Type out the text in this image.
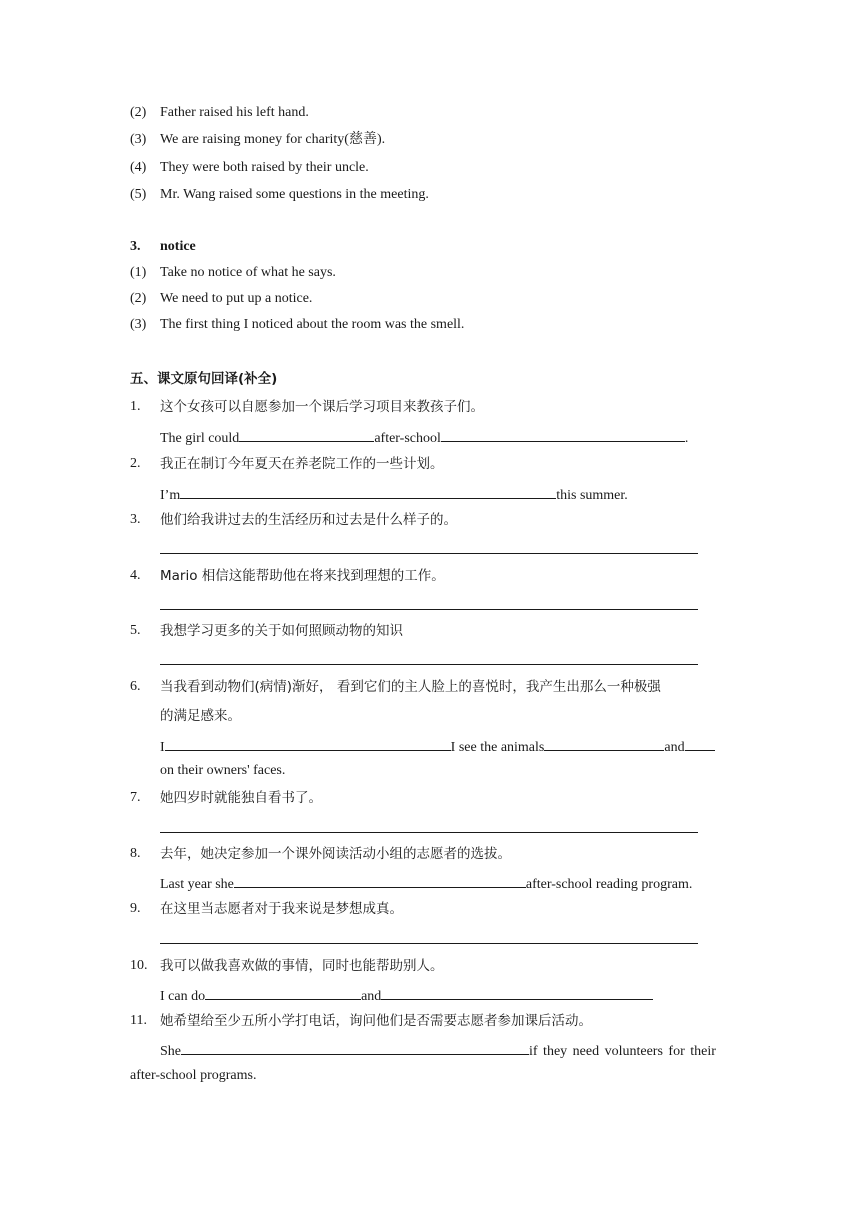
(2) Father raised his left hand.
(3) We are raising money for charity(慈善).
(4) They were both raised by their uncle.
(5) Mr. Wang raised some questions in the meeting.
3. notice
(1) Take no notice of what he says.
(2) We need to put up a notice.
(3) The first thing I noticed about the room was the smell.
五、课文原句回译(补全)
1. 这个女孩可以自愿参加一个课后学习项目来教孩子们。
The girl could	after-school	.
2. 我正在制订今年夏天在养老院工作的一些计划。
I’m	this summer.
3. 他们给我讲过去的生活经历和过去是什么样子的。
4. Mario 相信这能帮助他在将来找到理想的工作。
5. 我想学习更多的关于如何照顾动物的知识
6. 当我看到动物们(病情)渐好， 看到它们的主人脸上的喜悦时，我产生出那么一种极强
的满足感来。
I	I see the animals	and
on their owners' faces.
7. 她四岁时就能独自看书了。
8. 去年，她决定参加一个课外阅读活动小组的志愿者的选拔。
Last year she	after-school reading program.
9. 在这里当志愿者对于我来说是梦想成真。
10. 我可以做我喜欢做的事情，同时也能帮助别人。
I can do	and
11. 她希望给至少五所小学打电话，询问他们是否需要志愿者参加课后活动。
She	if they need volunteers for their
after-school programs.
